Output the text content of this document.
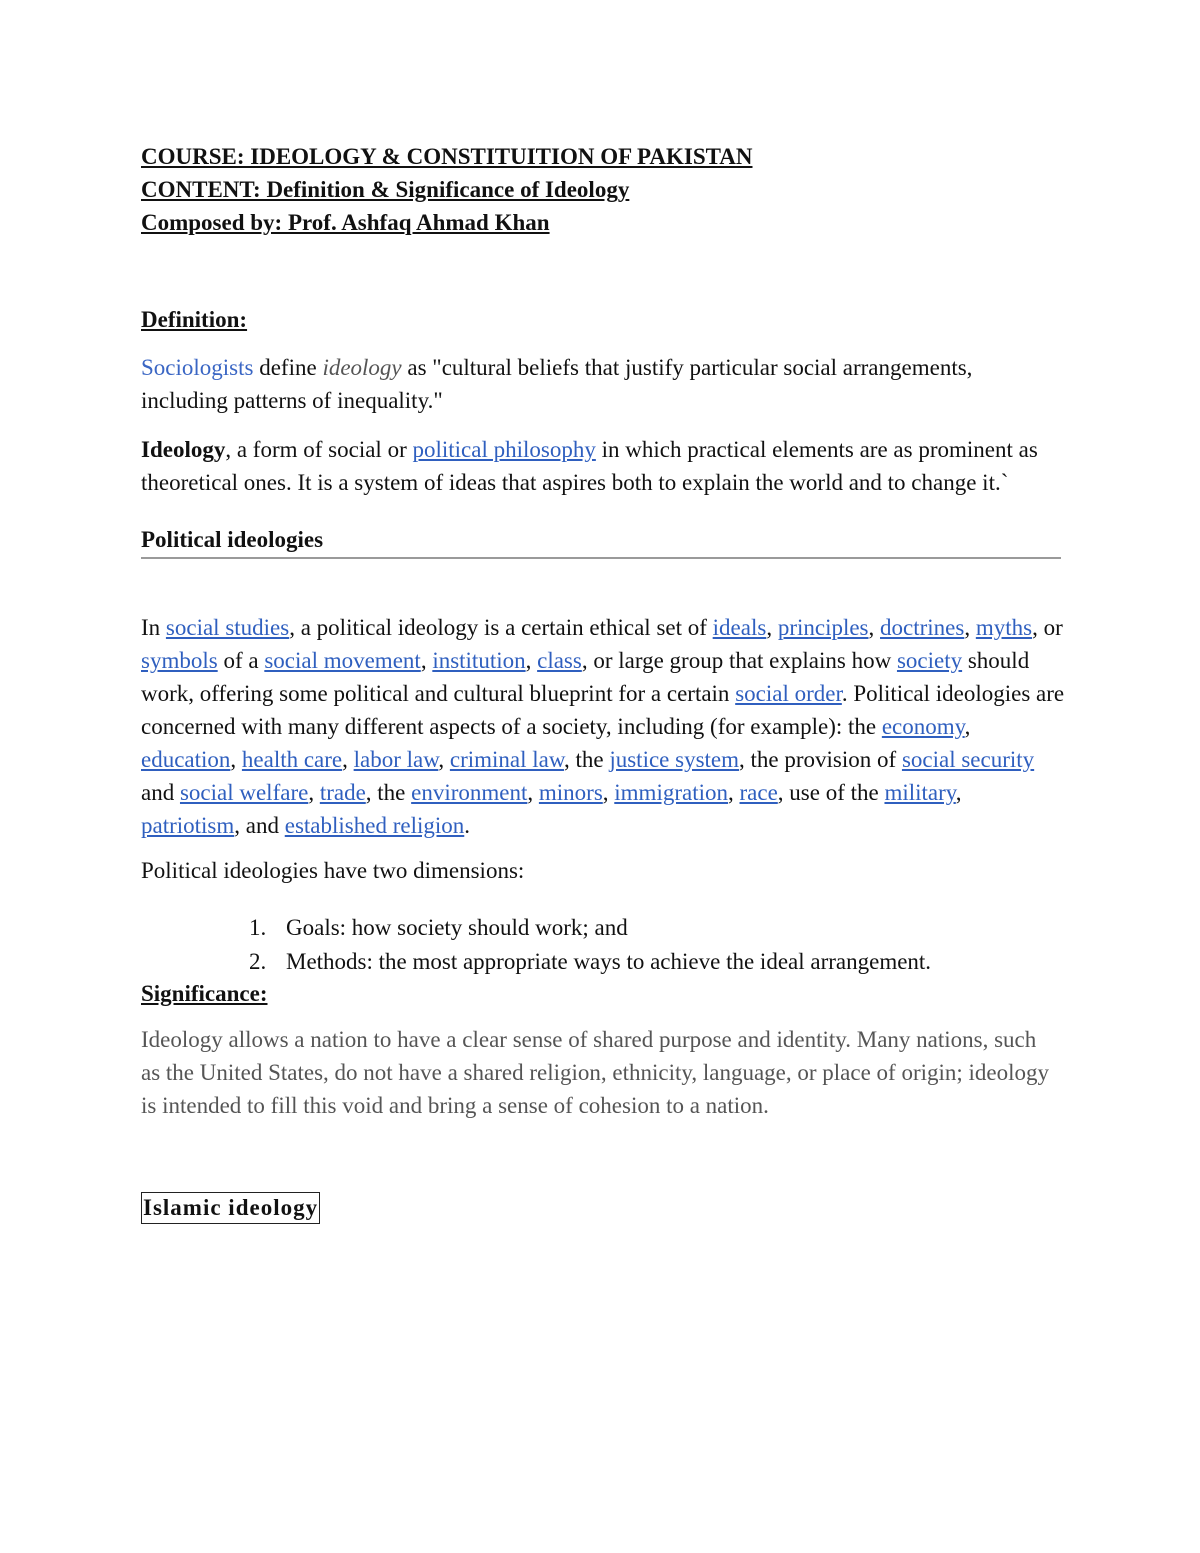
COURSE: IDEOLOGY & CONSTITUITION OF PAKISTAN
CONTENT: Definition & Significance of Ideology
Composed by: Prof. Ashfaq Ahmad Khan

Definition:

Sociologists define ideology as "cultural beliefs that justify particular social arrangements, including patterns of inequality."

Ideology, a form of social or political philosophy in which practical elements are as prominent as theoretical ones. It is a system of ideas that aspires both to explain the world and to change it.`

Political ideologies

In social studies, a political ideology is a certain ethical set of ideals, principles, doctrines, myths, or symbols of a social movement, institution, class, or large group that explains how society should work, offering some political and cultural blueprint for a certain social order. Political ideologies are concerned with many different aspects of a society, including (for example): the economy, education, health care, labor law, criminal law, the justice system, the provision of social security and social welfare, trade, the environment, minors, immigration, race, use of the military, patriotism, and established religion.

Political ideologies have two dimensions:

1. Goals: how society should work; and
2. Methods: the most appropriate ways to achieve the ideal arrangement.

Significance:

Ideology allows a nation to have a clear sense of shared purpose and identity. Many nations, such as the United States, do not have a shared religion, ethnicity, language, or place of origin; ideology is intended to fill this void and bring a sense of cohesion to a nation.

Islamic ideology
